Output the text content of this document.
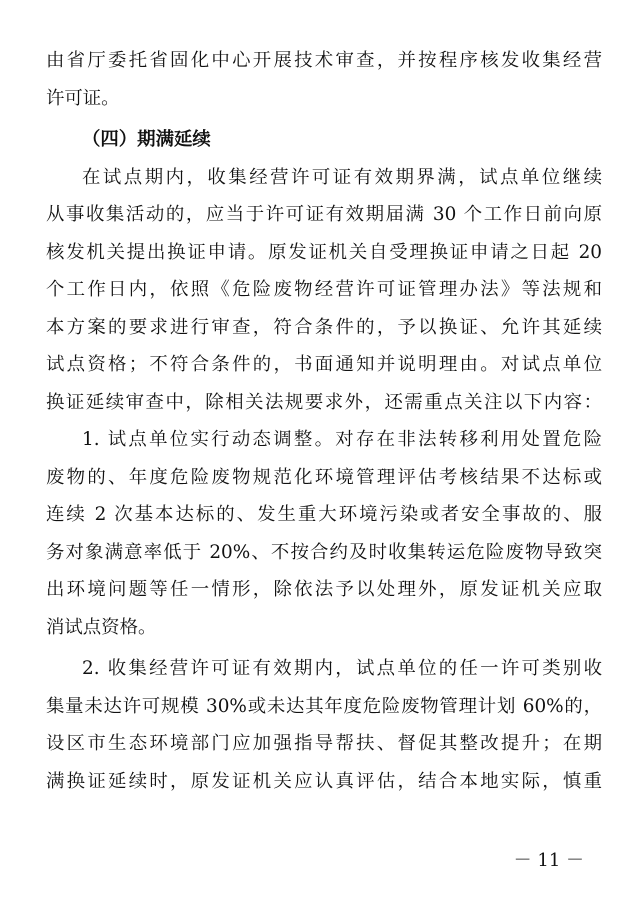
由省厅委托省固化中心开展技术审查，并按程序核发收集经营
许可证。
（四）期满延续
在试点期内，收集经营许可证有效期界满，试点单位继续
从事收集活动的，应当于许可证有效期届满 30 个工作日前向原
核发机关提出换证申请。原发证机关自受理换证申请之日起 20
个工作日内，依照《危险废物经营许可证管理办法》等法规和
本方案的要求进行审查，符合条件的，予以换证、允许其延续
试点资格；不符合条件的，书面通知并说明理由。对试点单位
换证延续审查中，除相关法规要求外，还需重点关注以下内容：
1. 试点单位实行动态调整。对存在非法转移利用处置危险
废物的、年度危险废物规范化环境管理评估考核结果不达标或
连续 2 次基本达标的、发生重大环境污染或者安全事故的、服
务对象满意率低于 20%、不按合约及时收集转运危险废物导致突
出环境问题等任一情形，除依法予以处理外，原发证机关应取
消试点资格。
2. 收集经营许可证有效期内，试点单位的任一许可类别收
集量未达许可规模 30%或未达其年度危险废物管理计划 60%的，
设区市生态环境部门应加强指导帮扶、督促其整改提升；在期
满换证延续时，原发证机关应认真评估，结合本地实际，慎重
－ 11 －
